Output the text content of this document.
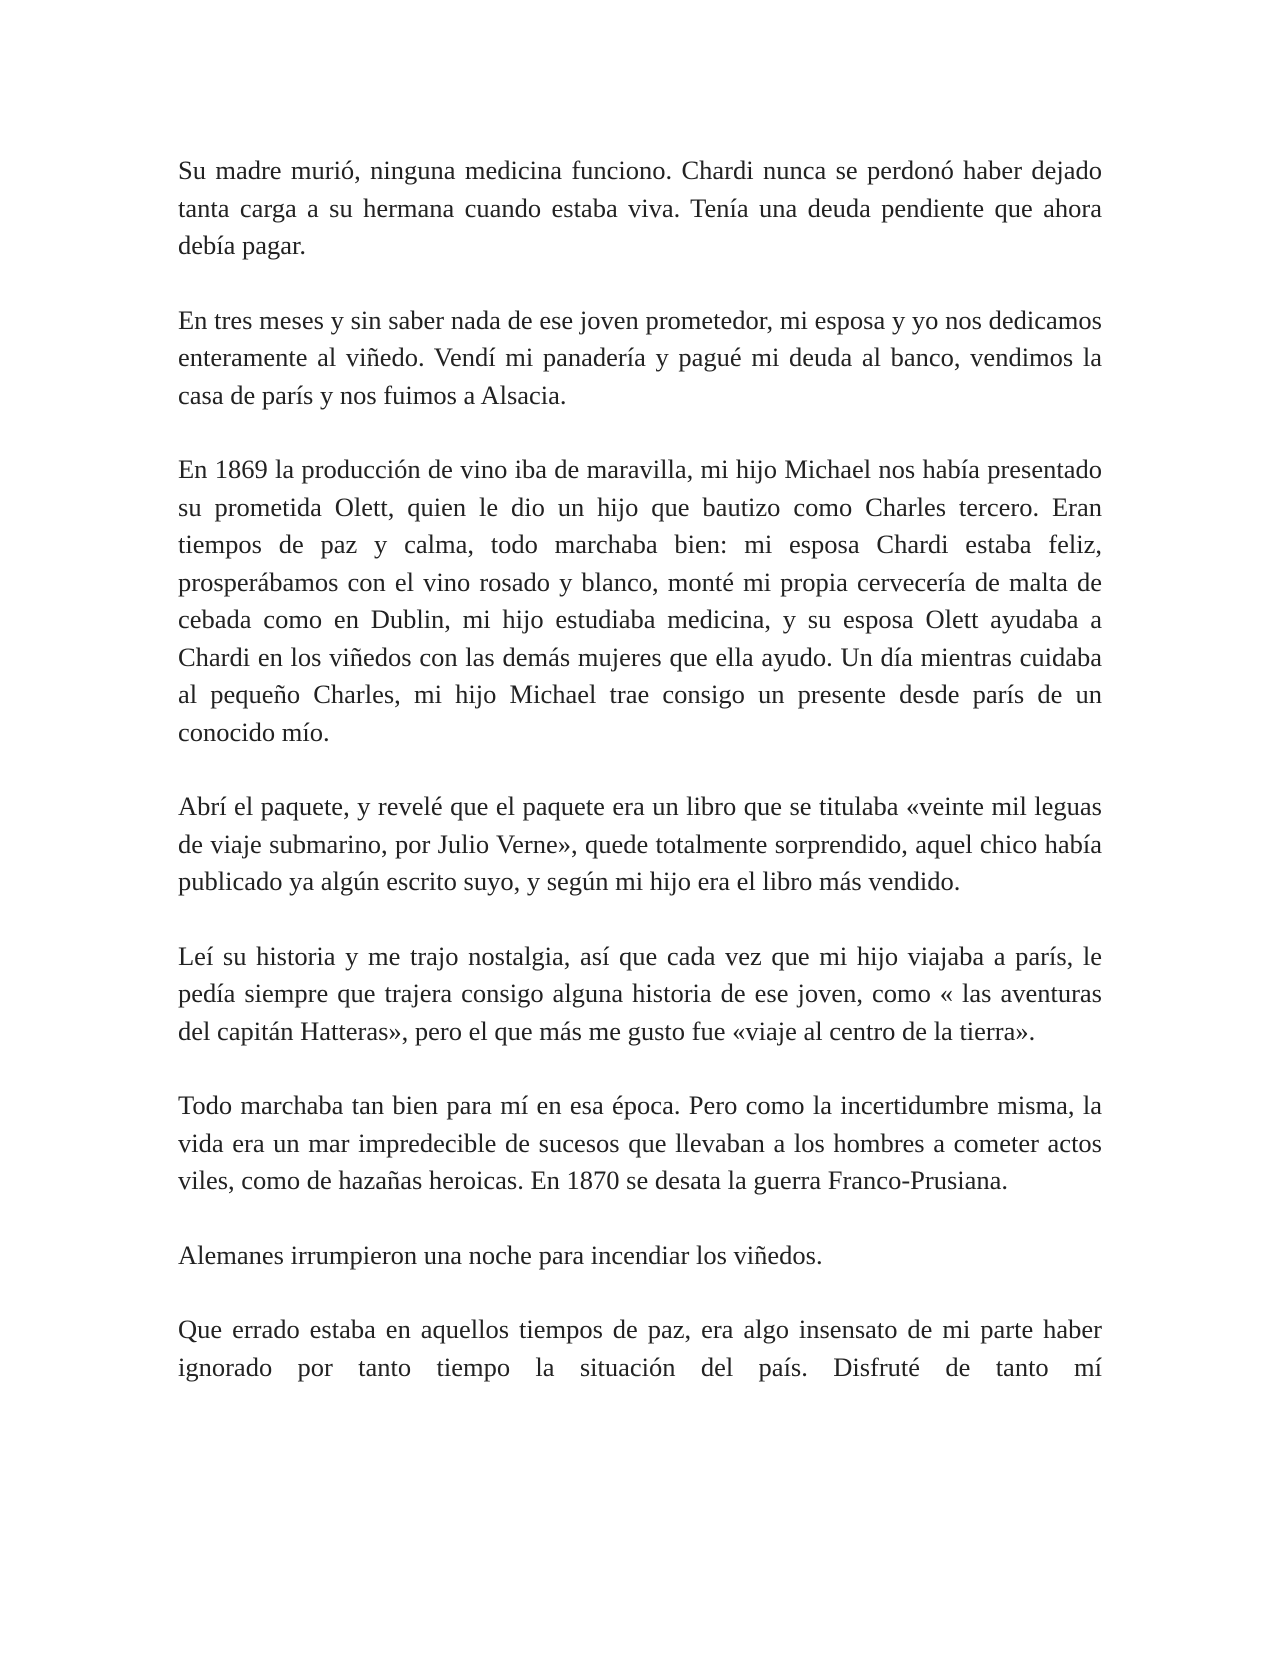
Su madre murió, ninguna medicina funciono. Chardi nunca se perdonó haber dejado tanta carga a su hermana cuando estaba viva. Tenía una deuda pendiente que ahora debía pagar.

En tres meses y sin saber nada de ese joven prometedor, mi esposa y yo nos dedicamos enteramente al viñedo. Vendí mi panadería y pagué mi deuda al banco, vendimos la casa de parís y nos fuimos a Alsacia.

En 1869 la producción de vino iba de maravilla, mi hijo Michael nos había presentado su prometida Olett, quien le dio un hijo que bautizo como Charles tercero. Eran tiempos de paz y calma, todo marchaba bien: mi esposa Chardi estaba feliz, prosperábamos con el vino rosado y blanco, monté mi propia cervecería de malta de cebada como en Dublin, mi hijo estudiaba medicina, y su esposa Olett ayudaba a Chardi en los viñedos con las demás mujeres que ella ayudo. Un día mientras cuidaba al pequeño Charles, mi hijo Michael trae consigo un presente desde parís de un conocido mío.

Abrí el paquete, y revelé que el paquete era un libro que se titulaba «veinte mil leguas de viaje submarino, por Julio Verne», quede totalmente sorprendido, aquel chico había publicado ya algún escrito suyo, y según mi hijo era el libro más vendido.

Leí su historia y me trajo nostalgia, así que cada vez que mi hijo viajaba a parís, le pedía siempre que trajera consigo alguna historia de ese joven, como « las aventuras del capitán Hatteras», pero el que más me gusto fue «viaje al centro de la tierra».

Todo marchaba tan bien para mí en esa época. Pero como la incertidumbre misma, la vida era un mar impredecible de sucesos que llevaban a los hombres a cometer actos viles, como de hazañas heroicas. En 1870 se desata la guerra Franco-Prusiana.

Alemanes irrumpieron una noche para incendiar los viñedos.

Que errado estaba en aquellos tiempos de paz, era algo insensato de mi parte haber ignorado por tanto tiempo la situación del país. Disfruté de tanto mí
